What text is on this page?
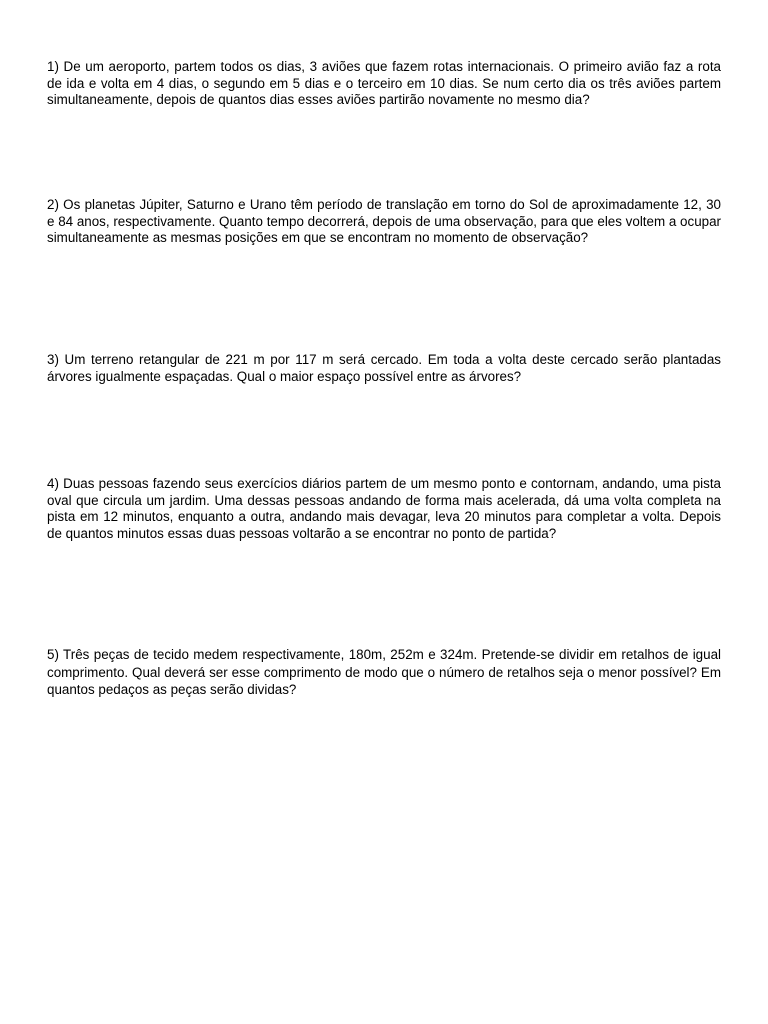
1) De um aeroporto, partem todos os dias, 3 aviões que fazem rotas internacionais. O primeiro avião faz a rota de ida e volta em 4 dias, o segundo em 5 dias e o terceiro em 10 dias. Se num certo dia os três aviões partem simultaneamente, depois de quantos dias esses aviões partirão novamente no mesmo dia?

2) Os planetas Júpiter, Saturno e Urano têm período de translação em torno do Sol de aproximadamente 12, 30 e 84 anos, respectivamente. Quanto tempo decorrerá, depois de uma observação, para que eles voltem a ocupar simultaneamente as mesmas posições em que se encontram no momento de observação?

3) Um terreno retangular de 221 m por 117 m será cercado. Em toda a volta deste cercado serão plantadas árvores igualmente espaçadas. Qual o maior espaço possível entre as árvores?

4) Duas pessoas fazendo seus exercícios diários partem de um mesmo ponto e contornam, andando, uma pista oval que circula um jardim. Uma dessas pessoas andando de forma mais acelerada, dá uma volta completa na pista em 12 minutos, enquanto a outra, andando mais devagar, leva 20 minutos para completar a volta. Depois de quantos minutos essas duas pessoas voltarão a se encontrar no ponto de partida?

5) Três peças de tecido medem respectivamente, 180m, 252m e 324m. Pretende-se dividir em retalhos de igual comprimento. Qual deverá ser esse comprimento de modo que o número de retalhos seja o menor possível? Em quantos pedaços as peças serão dividas?
